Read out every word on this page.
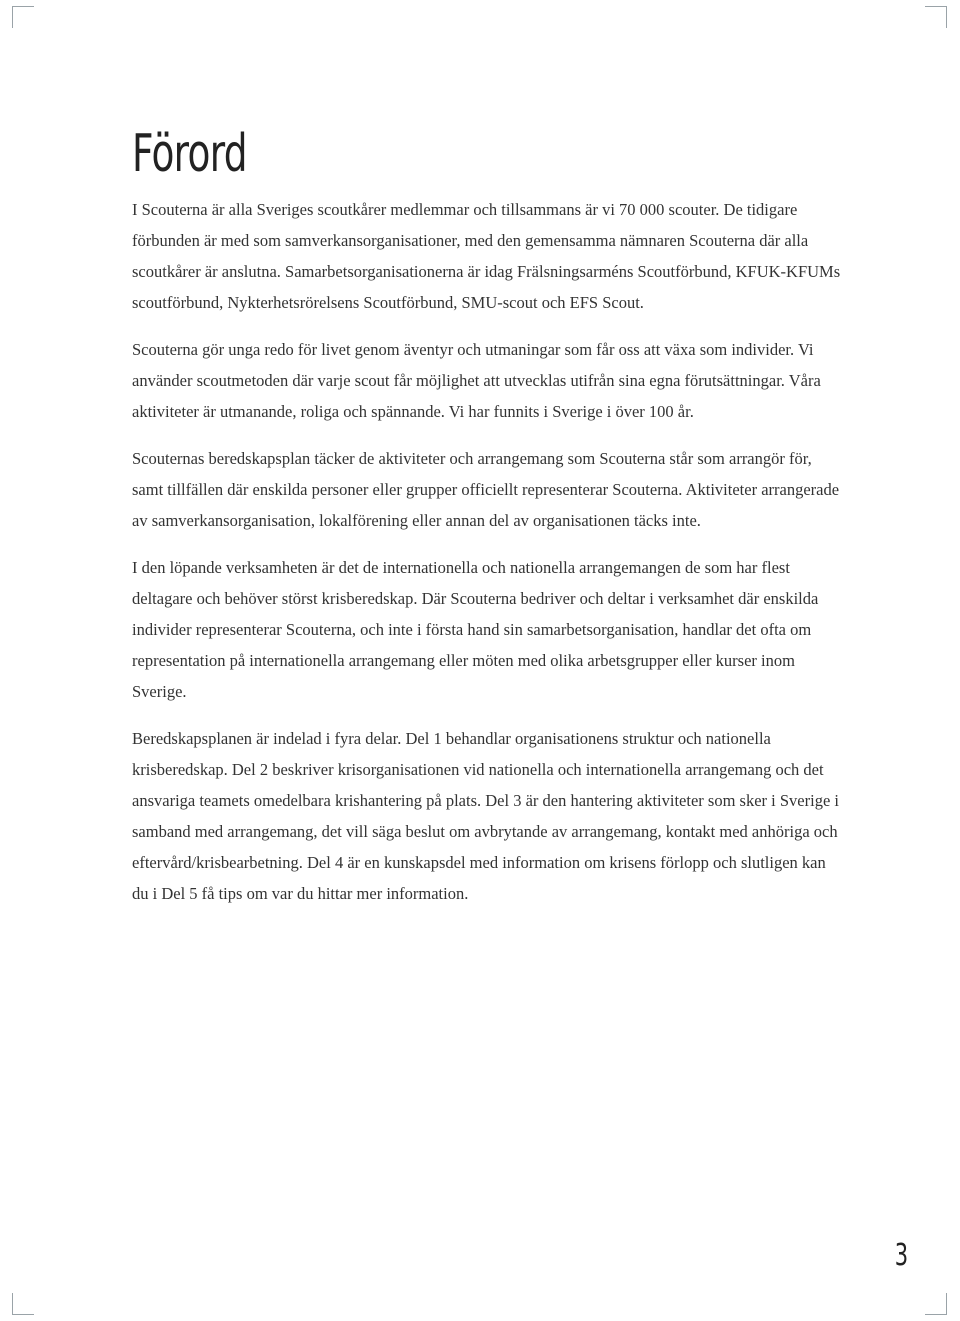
Förord

I Scouterna är alla Sveriges scoutkårer medlemmar och tillsammans är vi 70 000 scouter. De tidigare förbunden är med som samverkansorganisationer, med den gemensamma nämnaren Scouterna där alla scoutkårer är anslutna. Samarbetsorganisationerna är idag Frälsningsarméns Scoutförbund, KFUK-KFUMs scoutförbund, Nykterhetsrörelsens Scoutförbund, SMU-scout och EFS Scout.

Scouterna gör unga redo för livet genom äventyr och utmaningar som får oss att växa som individer. Vi använder scoutmetoden där varje scout får möjlighet att utvecklas utifrån sina egna förutsättningar. Våra aktiviteter är utmanande, roliga och spännande. Vi har funnits i Sverige i över 100 år.

Scouternas beredskapsplan täcker de aktiviteter och arrangemang som Scouterna står som arrangör för, samt tillfällen där enskilda personer eller grupper officiellt representerar Scouterna. Aktiviteter arrangerade av samverkansorganisation, lokalförening eller annan del av organisationen täcks inte.

I den löpande verksamheten är det de internationella och nationella arrangemangen de som har flest deltagare och behöver störst krisberedskap. Där Scouterna bedriver och deltar i verksamhet där enskilda individer representerar Scouterna, och inte i första hand sin samarbetsorganisation, handlar det ofta om representation på internationella arrangemang eller möten med olika arbetsgrupper eller kurser inom Sverige.

Beredskapsplanen är indelad i fyra delar. Del 1 behandlar organisationens struktur och nationella krisberedskap. Del 2 beskriver krisorganisationen vid nationella och internationella arrangemang och det ansvariga teamets omedelbara krishantering på plats. Del 3 är den hantering aktiviteter som sker i Sverige i samband med arrangemang, det vill säga beslut om avbrytande av arrangemang, kontakt med anhöriga och eftervård/krisbearbetning. Del 4 är en kunskapsdel med information om krisens förlopp och slutligen kan du i Del 5 få tips om var du hittar mer information.

3
